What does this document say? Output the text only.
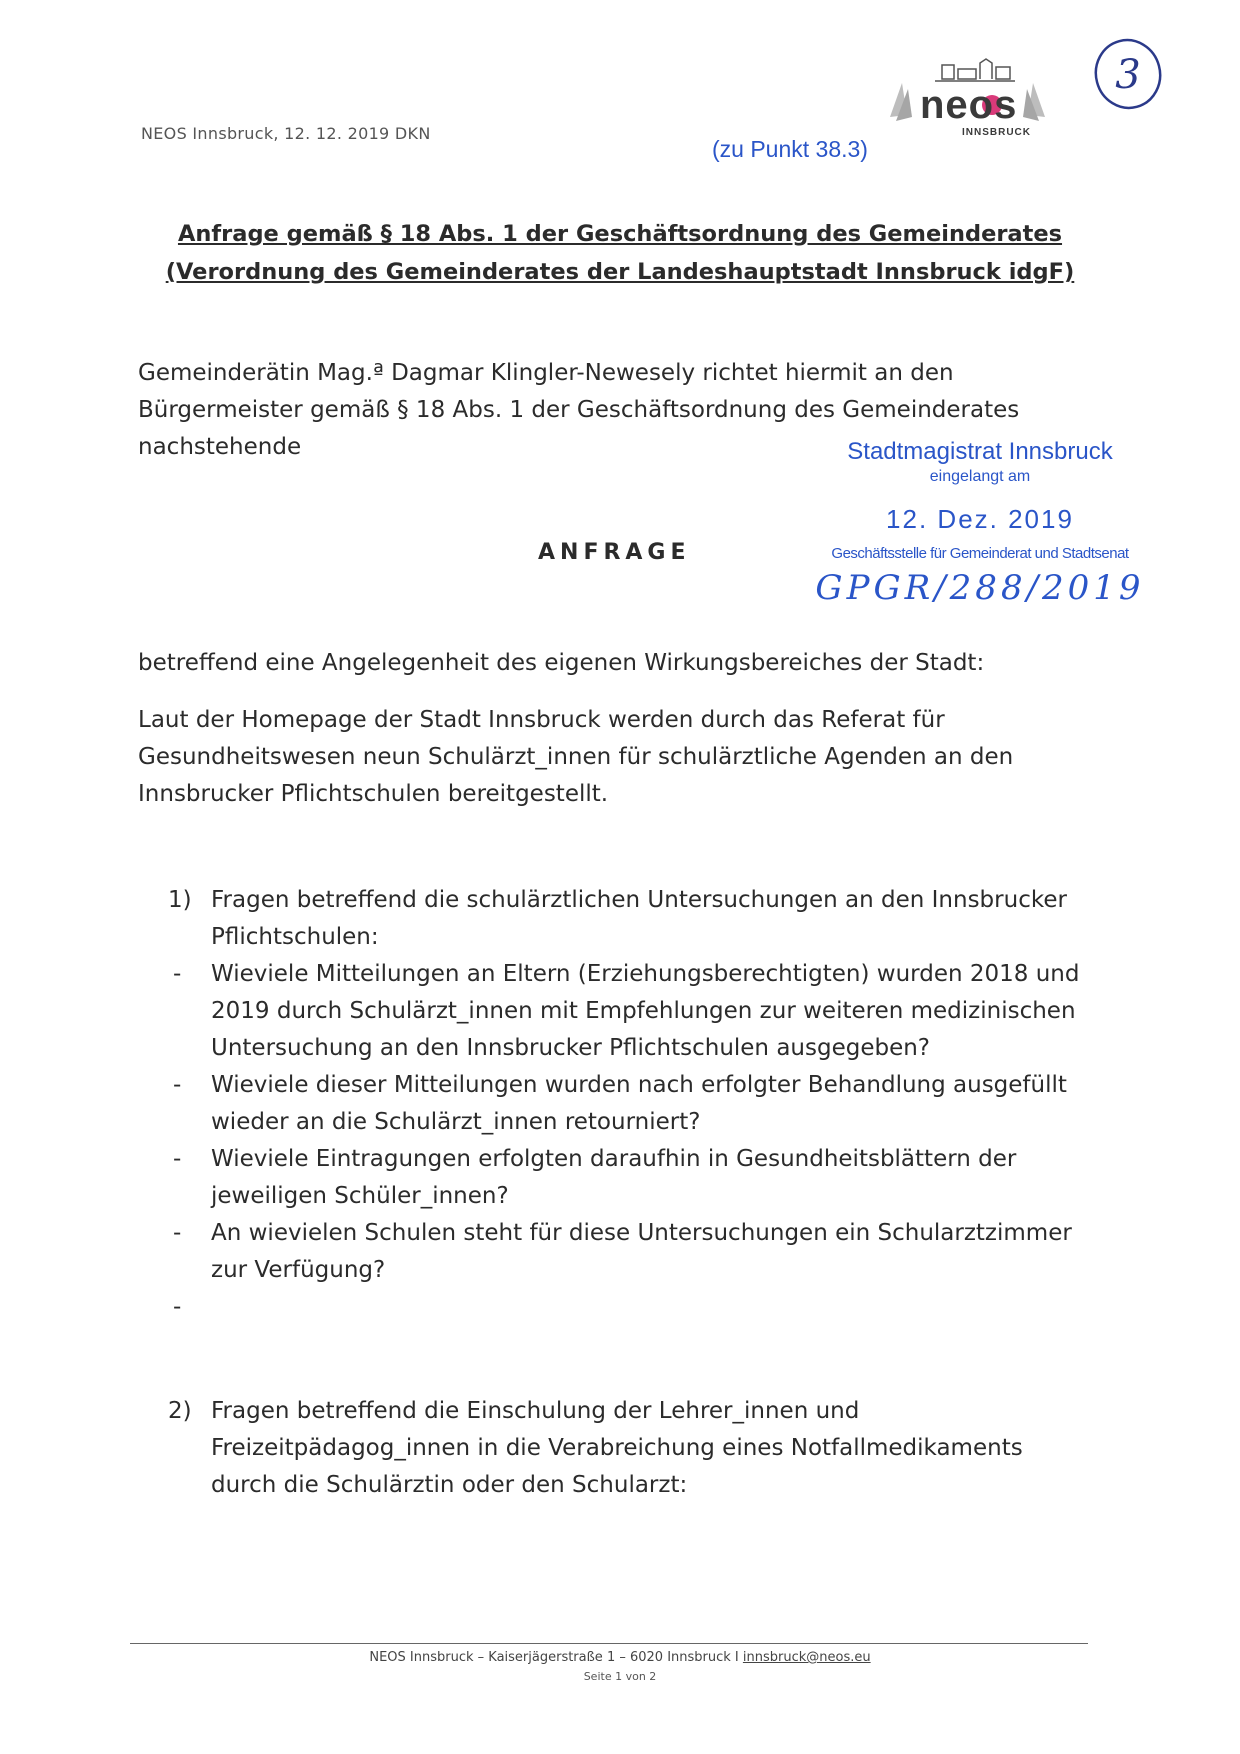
NEOS Innsbruck, 12. 12. 2019 DKN
(zu Punkt 38.3)
neos
INNSBRUCK
3
Anfrage gemäß § 18 Abs. 1 der Geschäftsordnung des Gemeinderates
(Verordnung des Gemeinderates der Landeshauptstadt Innsbruck idgF)
Gemeinderätin Mag.ª Dagmar Klingler-Newesely richtet hiermit an den
Bürgermeister gemäß § 18 Abs. 1 der Geschäftsordnung des Gemeinderates
nachstehende	Stadtmagistrat Innsbruck
eingelangt am
12. Dez. 2019
Geschäftsstelle für Gemeinderat und Stadtsenat
GPGR/288/2019
ANFRAGE
betreffend eine Angelegenheit des eigenen Wirkungsbereiches der Stadt:
Laut der Homepage der Stadt Innsbruck werden durch das Referat für
Gesundheitswesen neun Schulärzt_innen für schulärztliche Agenden an den
Innsbrucker Pflichtschulen bereitgestellt.
1) Fragen betreffend die schulärztlichen Untersuchungen an den Innsbrucker
Pflichtschulen:
-	Wieviele Mitteilungen an Eltern (Erziehungsberechtigten) wurden 2018 und
2019 durch Schulärzt_innen mit Empfehlungen zur weiteren medizinischen
Untersuchung an den Innsbrucker Pflichtschulen ausgegeben?
-	Wieviele dieser Mitteilungen wurden nach erfolgter Behandlung ausgefüllt
wieder an die Schulärzt_innen retourniert?
-	Wieviele Eintragungen erfolgten daraufhin in Gesundheitsblättern der
jeweiligen Schüler_innen?
-	An wievielen Schulen steht für diese Untersuchungen ein Schularztzimmer
zur Verfügung?
-
2) Fragen betreffend die Einschulung der Lehrer_innen und
Freizeitpädagog_innen in die Verabreichung eines Notfallmedikaments
durch die Schulärztin oder den Schularzt:
NEOS Innsbruck – Kaiserjägerstraße 1 – 6020 Innsbruck I innsbruck@neos.eu
Seite 1 von 2
